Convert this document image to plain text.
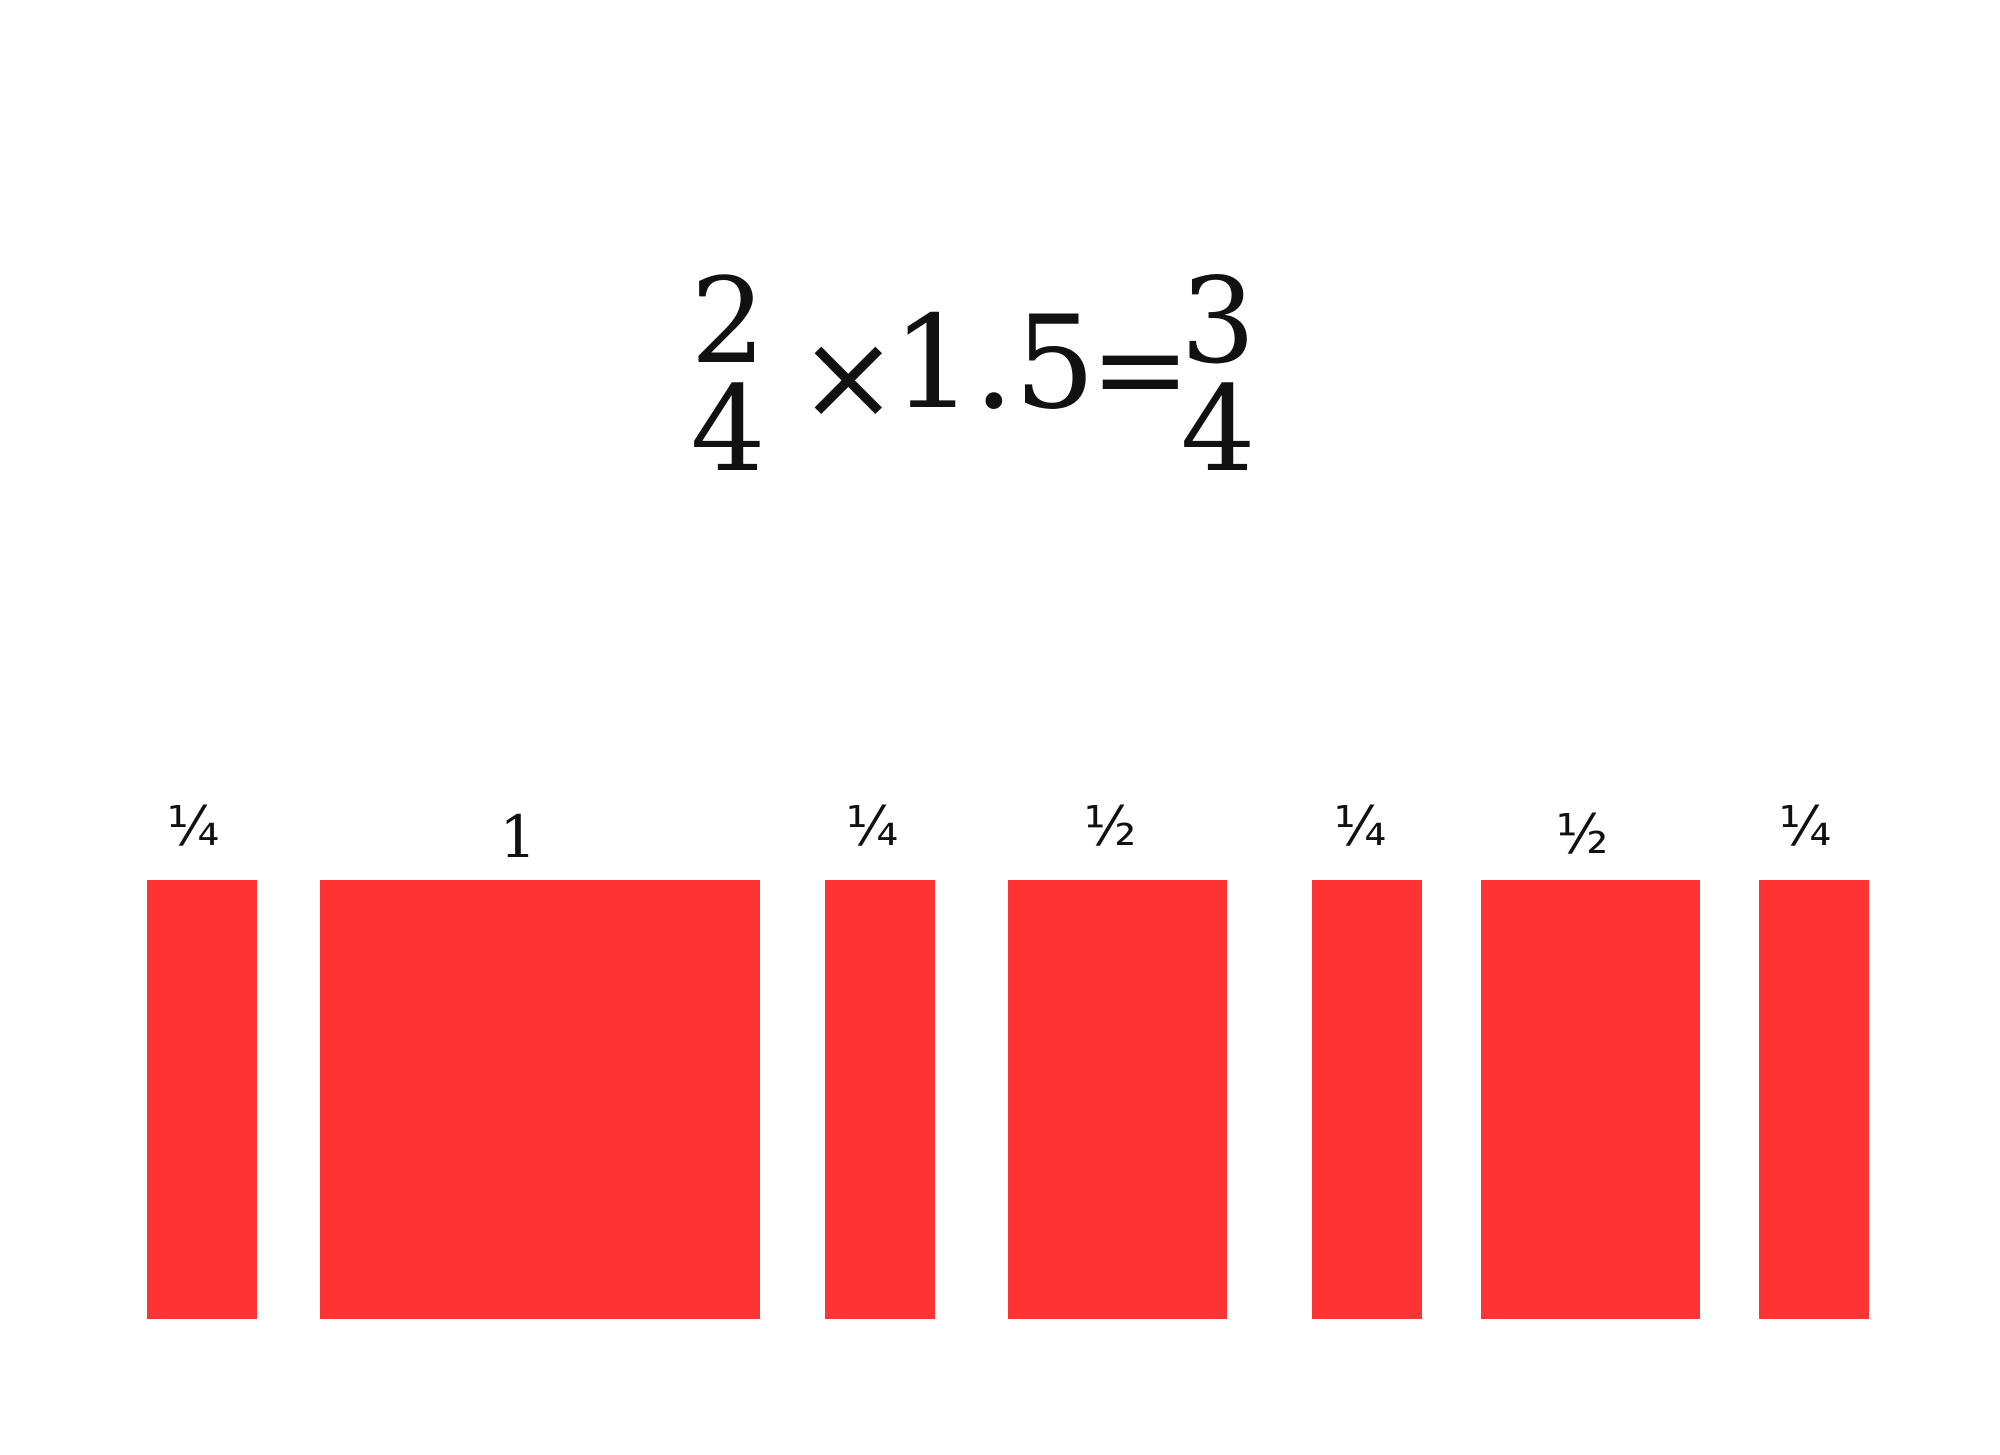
2
4 ×
1.5
=
3
4
¼	1	¼	½	¼	½	¼
